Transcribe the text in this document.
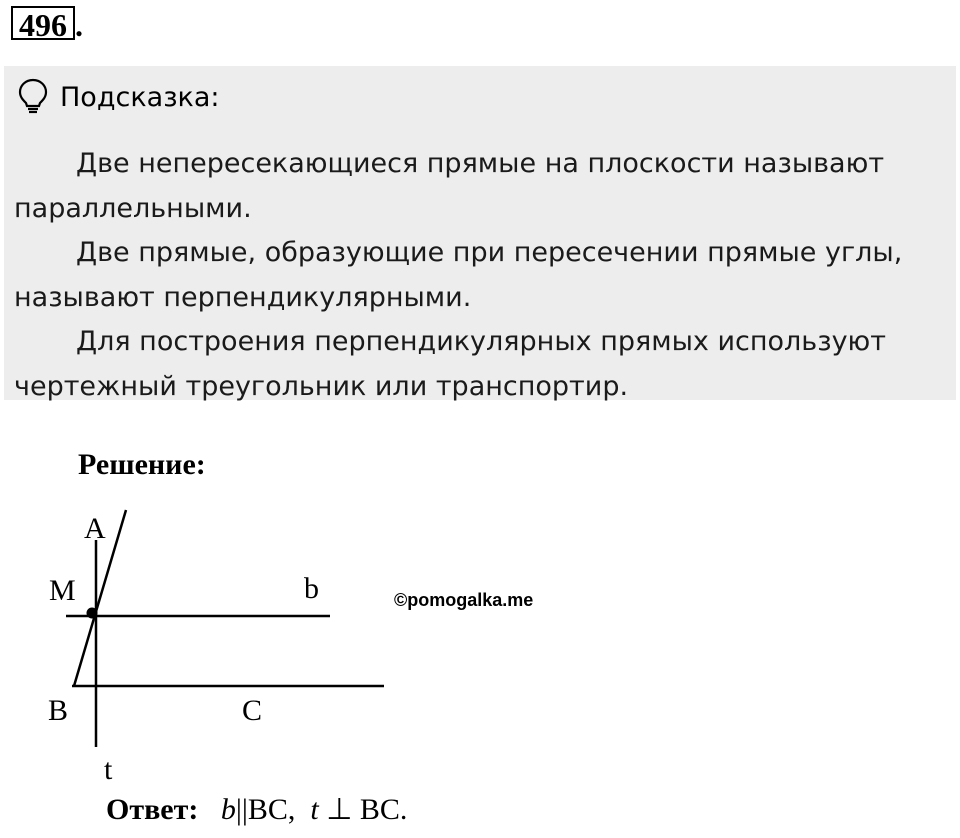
496 .
Подсказка:

Две непересекающиеся прямые на плоскости называют параллельными.

Две прямые, образующие при пересечении прямые углы, называют перпендикулярными.

Для построения перпендикулярных прямых используют чертежный треугольник или транспортир.

Решение:
A
M	b
B	C
t
©pomogalka.me
Ответ: b||BC, t ⊥ BC.
